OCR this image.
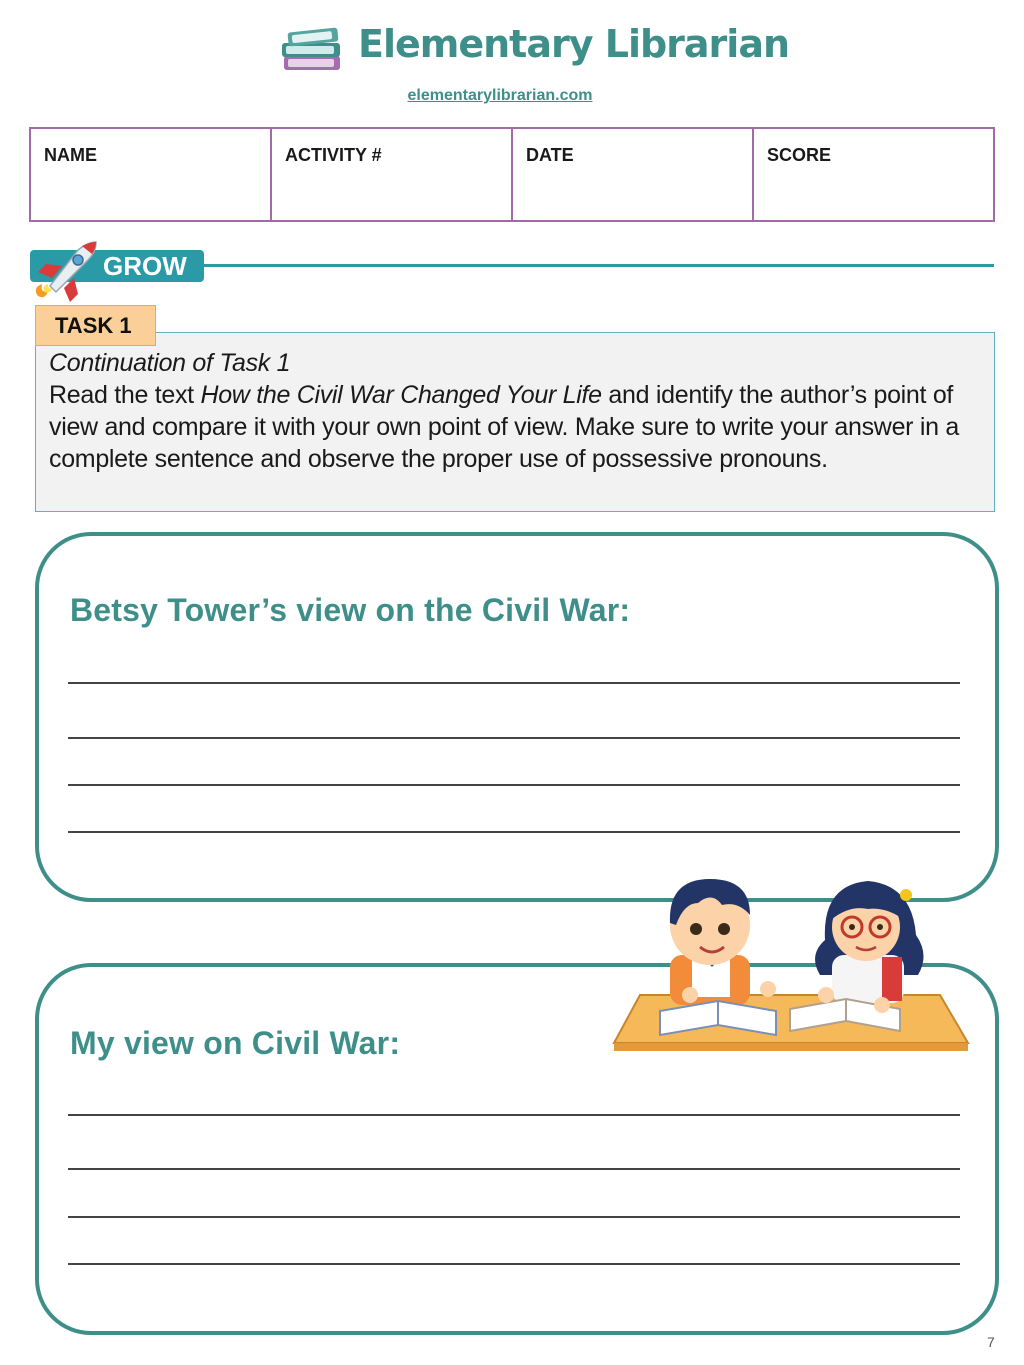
Elementary Librarian
elementarylibrarian.com
NAME	ACTIVITY #	DATE	SCORE
GROW
TASK 1
Continuation of Task 1
Read the text How the Civil War Changed Your Life and identify the author’s point of view and compare it with your own point of view. Make sure to write your answer in a complete sentence and observe the proper use of possessive pronouns.
Betsy Tower’s view on the Civil War:
My view on Civil War:
7
